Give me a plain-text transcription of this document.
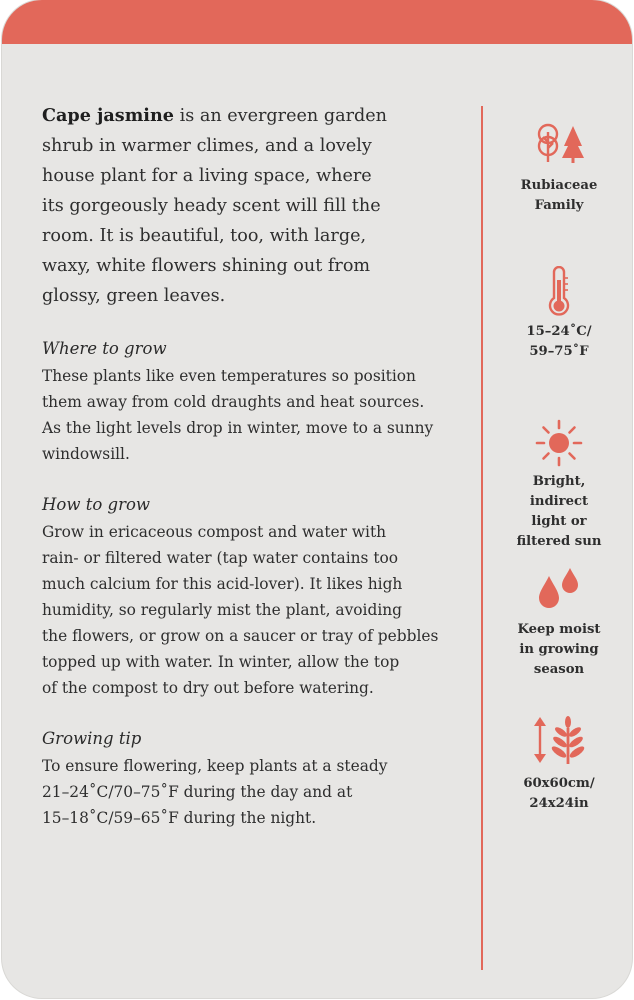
Cape jasmine is an evergreen garden
shrub in warmer climes, and a lovely
house plant for a living space, where
its gorgeously heady scent will fill the
room. It is beautiful, too, with large,
waxy, white flowers shining out from
glossy, green leaves.

Where to grow

These plants like even temperatures so position
them away from cold draughts and heat sources.
As the light levels drop in winter, move to a sunny
windowsill.

How to grow

Grow in ericaceous compost and water with
rain- or filtered water (tap water contains too
much calcium for this acid-lover). It likes high
humidity, so regularly mist the plant, avoiding
the flowers, or grow on a saucer or tray of pebbles
topped up with water. In winter, allow the top
of the compost to dry out before watering.

Growing tip

To ensure flowering, keep plants at a steady
21–24˚C/70–75˚F during the day and at
15–18˚C/59–65˚F during the night.

Rubiaceae
Family
15–24˚C/
59–75˚F
Bright,
indirect
light or
filtered sun
Keep moist
in growing
season
60x60cm/
24x24in
